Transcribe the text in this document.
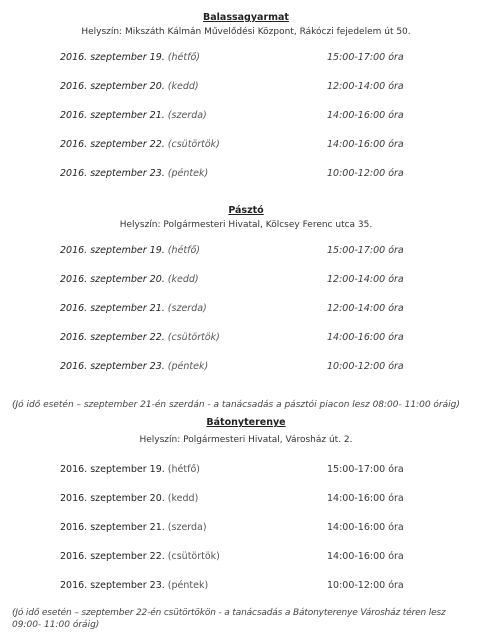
Balassagyarmat
Helyszín: Mikszáth Kálmán Művelődési Központ, Rákóczi fejedelem út 50.
2016. szeptember 19. (hétfő)	15:00-17:00 óra
2016. szeptember 20. (kedd)	12:00-14:00 óra
2016. szeptember 21. (szerda)	14:00-16:00 óra
2016. szeptember 22. (csütörtök)	14:00-16:00 óra
2016. szeptember 23. (péntek)	10:00-12:00 óra
Pásztó
Helyszín: Polgármesteri Hivatal, Kölcsey Ferenc utca 35.
2016. szeptember 19. (hétfő)	15:00-17:00 óra
2016. szeptember 20. (kedd)	12:00-14:00 óra
2016. szeptember 21. (szerda)	12:00-14:00 óra
2016. szeptember 22. (csütörtök)	14:00-16:00 óra
2016. szeptember 23. (péntek)	10:00-12:00 óra
(Jó idő esetén – szeptember 21-én szerdán - a tanácsadás a pásztói piacon lesz 08:00- 11:00 óráig)
Bátonyterenye
Helyszín: Polgármesteri Hivatal, Városház út. 2.
2016. szeptember 19. (hétfő)	15:00-17:00 óra
2016. szeptember 20. (kedd)	14:00-16:00 óra
2016. szeptember 21. (szerda)	14:00-16:00 óra
2016. szeptember 22. (csütörtök)	14:00-16:00 óra
2016. szeptember 23. (péntek)	10:00-12:00 óra
(Jó idő esetén – szeptember 22-én csütörtökön - a tanácsadás a Bátonyterenye Városház téren lesz
09:00- 11:00 óráig)
